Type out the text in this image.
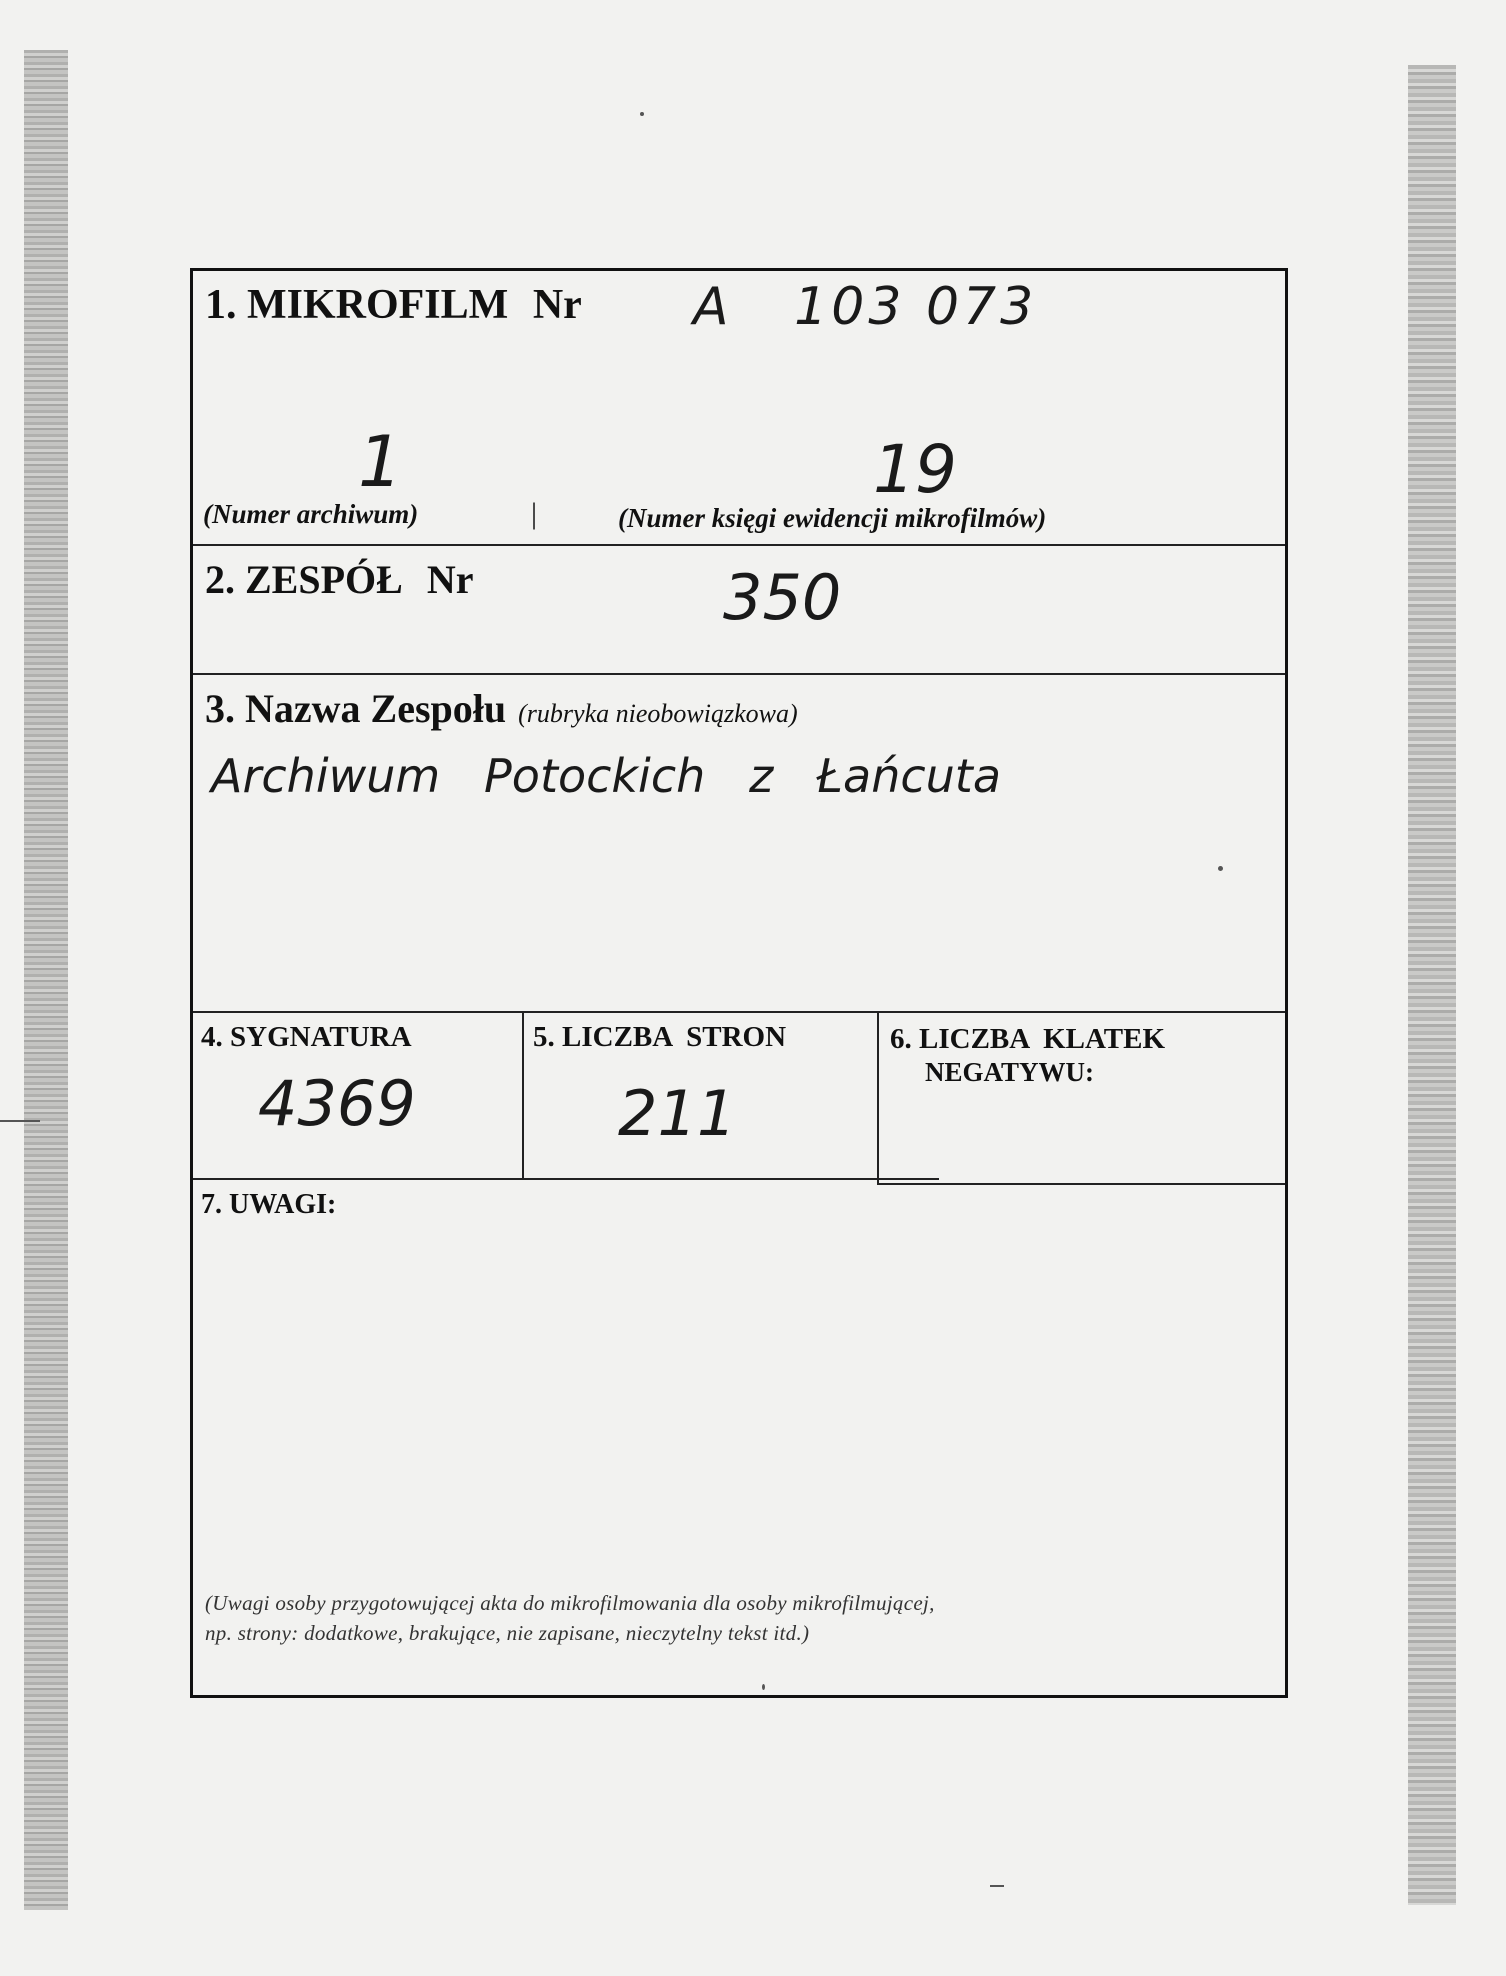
1. MIKROFILM Nr A   103 073
1	19
(Numer archiwum)	|	(Numer księgi ewidencji mikrofilmów)
2. ZESPÓŁ Nr	350
3. Nazwa Zespołu (rubryka nieobowiązkowa)
Archiwum   Potockich   z   Łańcuta
4. SYGNATURA
4369
5. LICZBA  STRON
211
6. LICZBA  KLATEK
NEGATYWU:
7. UWAGI:
(Uwagi osoby przygotowującej akta do mikrofilmowania dla osoby mikrofilmującej,
np. strony: dodatkowe, brakujące, nie zapisane, nieczytelny tekst itd.)
